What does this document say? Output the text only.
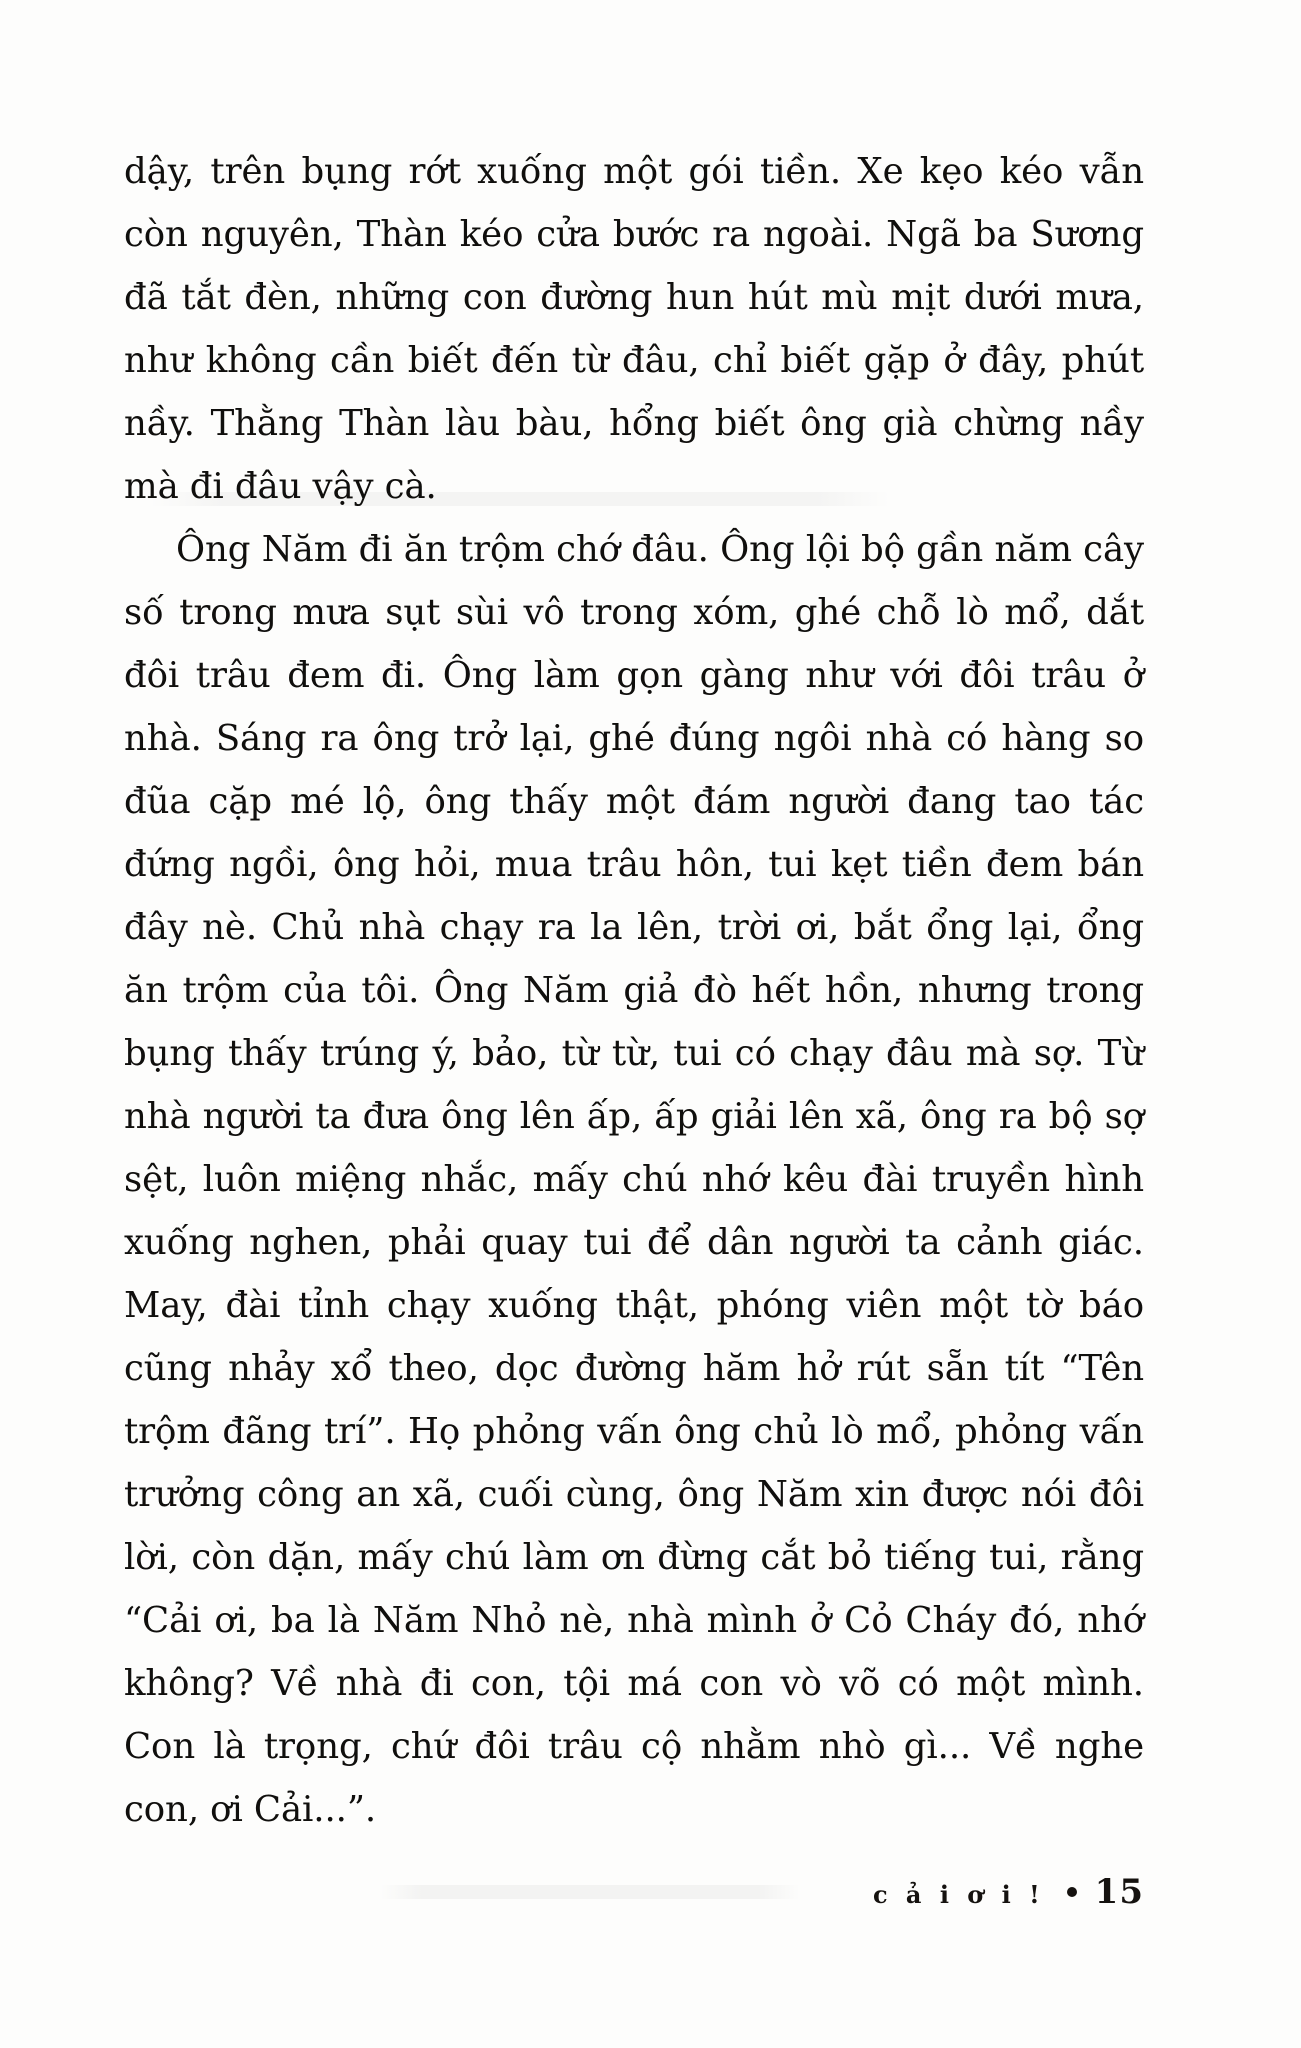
dậy, trên bụng rớt xuống một gói tiền. Xe kẹo kéo vẫn còn nguyên, Thàn kéo cửa bước ra ngoài. Ngã ba Sương đã tắt đèn, những con đường hun hút mù mịt dưới mưa, như không cần biết đến từ đâu, chỉ biết gặp ở đây, phút nầy. Thằng Thàn làu bàu, hổng biết ông già chừng nầy mà đi đâu vậy cà.

Ông Năm đi ăn trộm chớ đâu. Ông lội bộ gần năm cây số trong mưa sụt sùi vô trong xóm, ghé chỗ lò mổ, dắt đôi trâu đem đi. Ông làm gọn gàng như với đôi trâu ở nhà. Sáng ra ông trở lại, ghé đúng ngôi nhà có hàng so đũa cặp mé lộ, ông thấy một đám người đang tao tác đứng ngồi, ông hỏi, mua trâu hôn, tui kẹt tiền đem bán đây nè. Chủ nhà chạy ra la lên, trời ơi, bắt ổng lại, ổng ăn trộm của tôi. Ông Năm giả đò hết hồn, nhưng trong bụng thấy trúng ý, bảo, từ từ, tui có chạy đâu mà sợ. Từ nhà người ta đưa ông lên ấp, ấp giải lên xã, ông ra bộ sợ sệt, luôn miệng nhắc, mấy chú nhớ kêu đài truyền hình xuống nghen, phải quay tui để dân người ta cảnh giác. May, đài tỉnh chạy xuống thật, phóng viên một tờ báo cũng nhảy xổ theo, dọc đường hăm hở rút sẵn tít “Tên trộm đãng trí”. Họ phỏng vấn ông chủ lò mổ, phỏng vấn trưởng công an xã, cuối cùng, ông Năm xin được nói đôi lời, còn dặn, mấy chú làm ơn đừng cắt bỏ tiếng tui, rằng “Cải ơi, ba là Năm Nhỏ nè, nhà mình ở Cỏ Cháy đó, nhớ không? Về nhà đi con, tội má con vò võ có một mình. Con là trọng, chứ đôi trâu cộ nhằm nhò gì... Về nghe con, ơi Cải...”.

c ả i ơ i ! 15
